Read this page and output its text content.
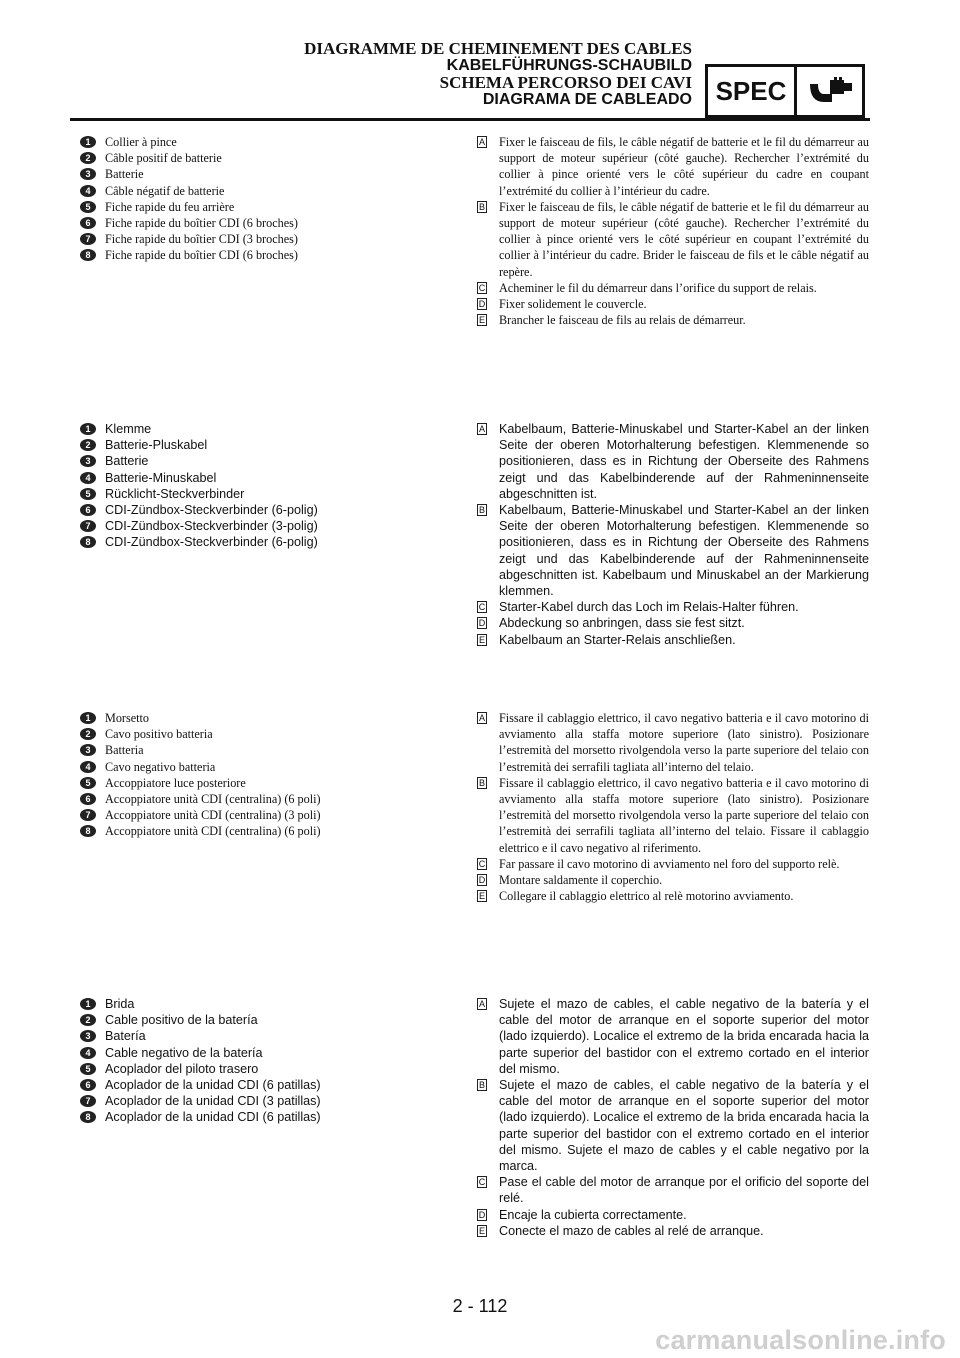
DIAGRAMME DE CHEMINEMENT DES CABLES
KABELFÜHRUNGS-SCHAUBILD
SCHEMA PERCORSO DEI CAVI
DIAGRAMA DE CABLEADO SPEC
1	Collier à pince
2	Câble positif de batterie
3	Batterie
4	Câble négatif de batterie
5	Fiche rapide du feu arrière
6	Fiche rapide du boîtier CDI (6 broches)
7	Fiche rapide du boîtier CDI (3 broches)
8	Fiche rapide du boîtier CDI (6 broches)
A Fixer le faisceau de fils, le câble négatif de batterie et le fil du démarreur au support de moteur supérieur (côté gauche). Rechercher l’extrémité du collier à pince orienté vers le côté supérieur du cadre en coupant l’extrémité du collier à l’intérieur du cadre.
B Fixer le faisceau de fils, le câble négatif de batterie et le fil du démarreur au support de moteur supérieur (côté gauche). Rechercher l’extrémité du collier à pince orienté vers le côté supérieur en coupant l’extrémité du collier à l’intérieur du cadre. Brider le faisceau de fils et le câble négatif au repère.
C Acheminer le fil du démarreur dans l’orifice du support de relais.
D Fixer solidement le couvercle.
E Brancher le faisceau de fils au relais de démarreur.
1	Klemme
2	Batterie-Pluskabel
3	Batterie
4	Batterie-Minuskabel
5	Rücklicht-Steckverbinder
6	CDI-Zündbox-Steckverbinder (6-polig)
7	CDI-Zündbox-Steckverbinder (3-polig)
8	CDI-Zündbox-Steckverbinder (6-polig)
A Kabelbaum, Batterie-Minuskabel und Starter-Kabel an der linken Seite der oberen Motorhalterung befestigen. Klemmenende so positionieren, dass es in Richtung der Oberseite des Rahmens zeigt und das Kabelbinderende auf der Rahmeninnenseite abgeschnitten ist.
B Kabelbaum, Batterie-Minuskabel und Starter-Kabel an der linken Seite der oberen Motorhalterung befestigen. Klemmenende so positionieren, dass es in Richtung der Oberseite des Rahmens zeigt und das Kabelbinderende auf der Rahmeninnenseite abgeschnitten ist. Kabelbaum und Minuskabel an der Markierung klemmen.
C Starter-Kabel durch das Loch im Relais-Halter führen.
D Abdeckung so anbringen, dass sie fest sitzt.
E Kabelbaum an Starter-Relais anschließen.
1	Morsetto
2	Cavo positivo batteria
3	Batteria
4	Cavo negativo batteria
5	Accoppiatore luce posteriore
6	Accoppiatore unità CDI (centralina) (6 poli)
7	Accoppiatore unità CDI (centralina) (3 poli)
8	Accoppiatore unità CDI (centralina) (6 poli)
A Fissare il cablaggio elettrico, il cavo negativo batteria e il cavo motorino di avviamento alla staffa motore superiore (lato sinistro). Posizionare l’estremità del morsetto rivolgendola verso la parte superiore del telaio con l’estremità dei serrafili tagliata all’interno del telaio.
B Fissare il cablaggio elettrico, il cavo negativo batteria e il cavo motorino di avviamento alla staffa motore superiore (lato sinistro). Posizionare l’estremità del morsetto rivolgendola verso la parte superiore del telaio con l’estremità dei serrafili tagliata all’interno del telaio. Fissare il cablaggio elettrico e il cavo negativo al riferimento.
C Far passare il cavo motorino di avviamento nel foro del supporto relè.
D Montare saldamente il coperchio.
E Collegare il cablaggio elettrico al relè motorino avviamento.
1	Brida
2	Cable positivo de la batería
3	Batería
4	Cable negativo de la batería
5	Acoplador del piloto trasero
6	Acoplador de la unidad CDI (6 patillas)
7	Acoplador de la unidad CDI (3 patillas)
8	Acoplador de la unidad CDI (6 patillas)
A Sujete el mazo de cables, el cable negativo de la batería y el cable del motor de arranque en el soporte superior del motor (lado izquierdo). Localice el extremo de la brida encarada hacia la parte superior del bastidor con el extremo cortado en el interior del mismo.
B Sujete el mazo de cables, el cable negativo de la batería y el cable del motor de arranque en el soporte superior del motor (lado izquierdo). Localice el extremo de la brida encarada hacia la parte superior del bastidor con el extremo cortado en el interior del mismo. Sujete el mazo de cables y el cable negativo por la marca.
C Pase el cable del motor de arranque por el orificio del soporte del relé.
D Encaje la cubierta correctamente.
E Conecte el mazo de cables al relé de arranque.
2 - 112
carmanualsonline.info
